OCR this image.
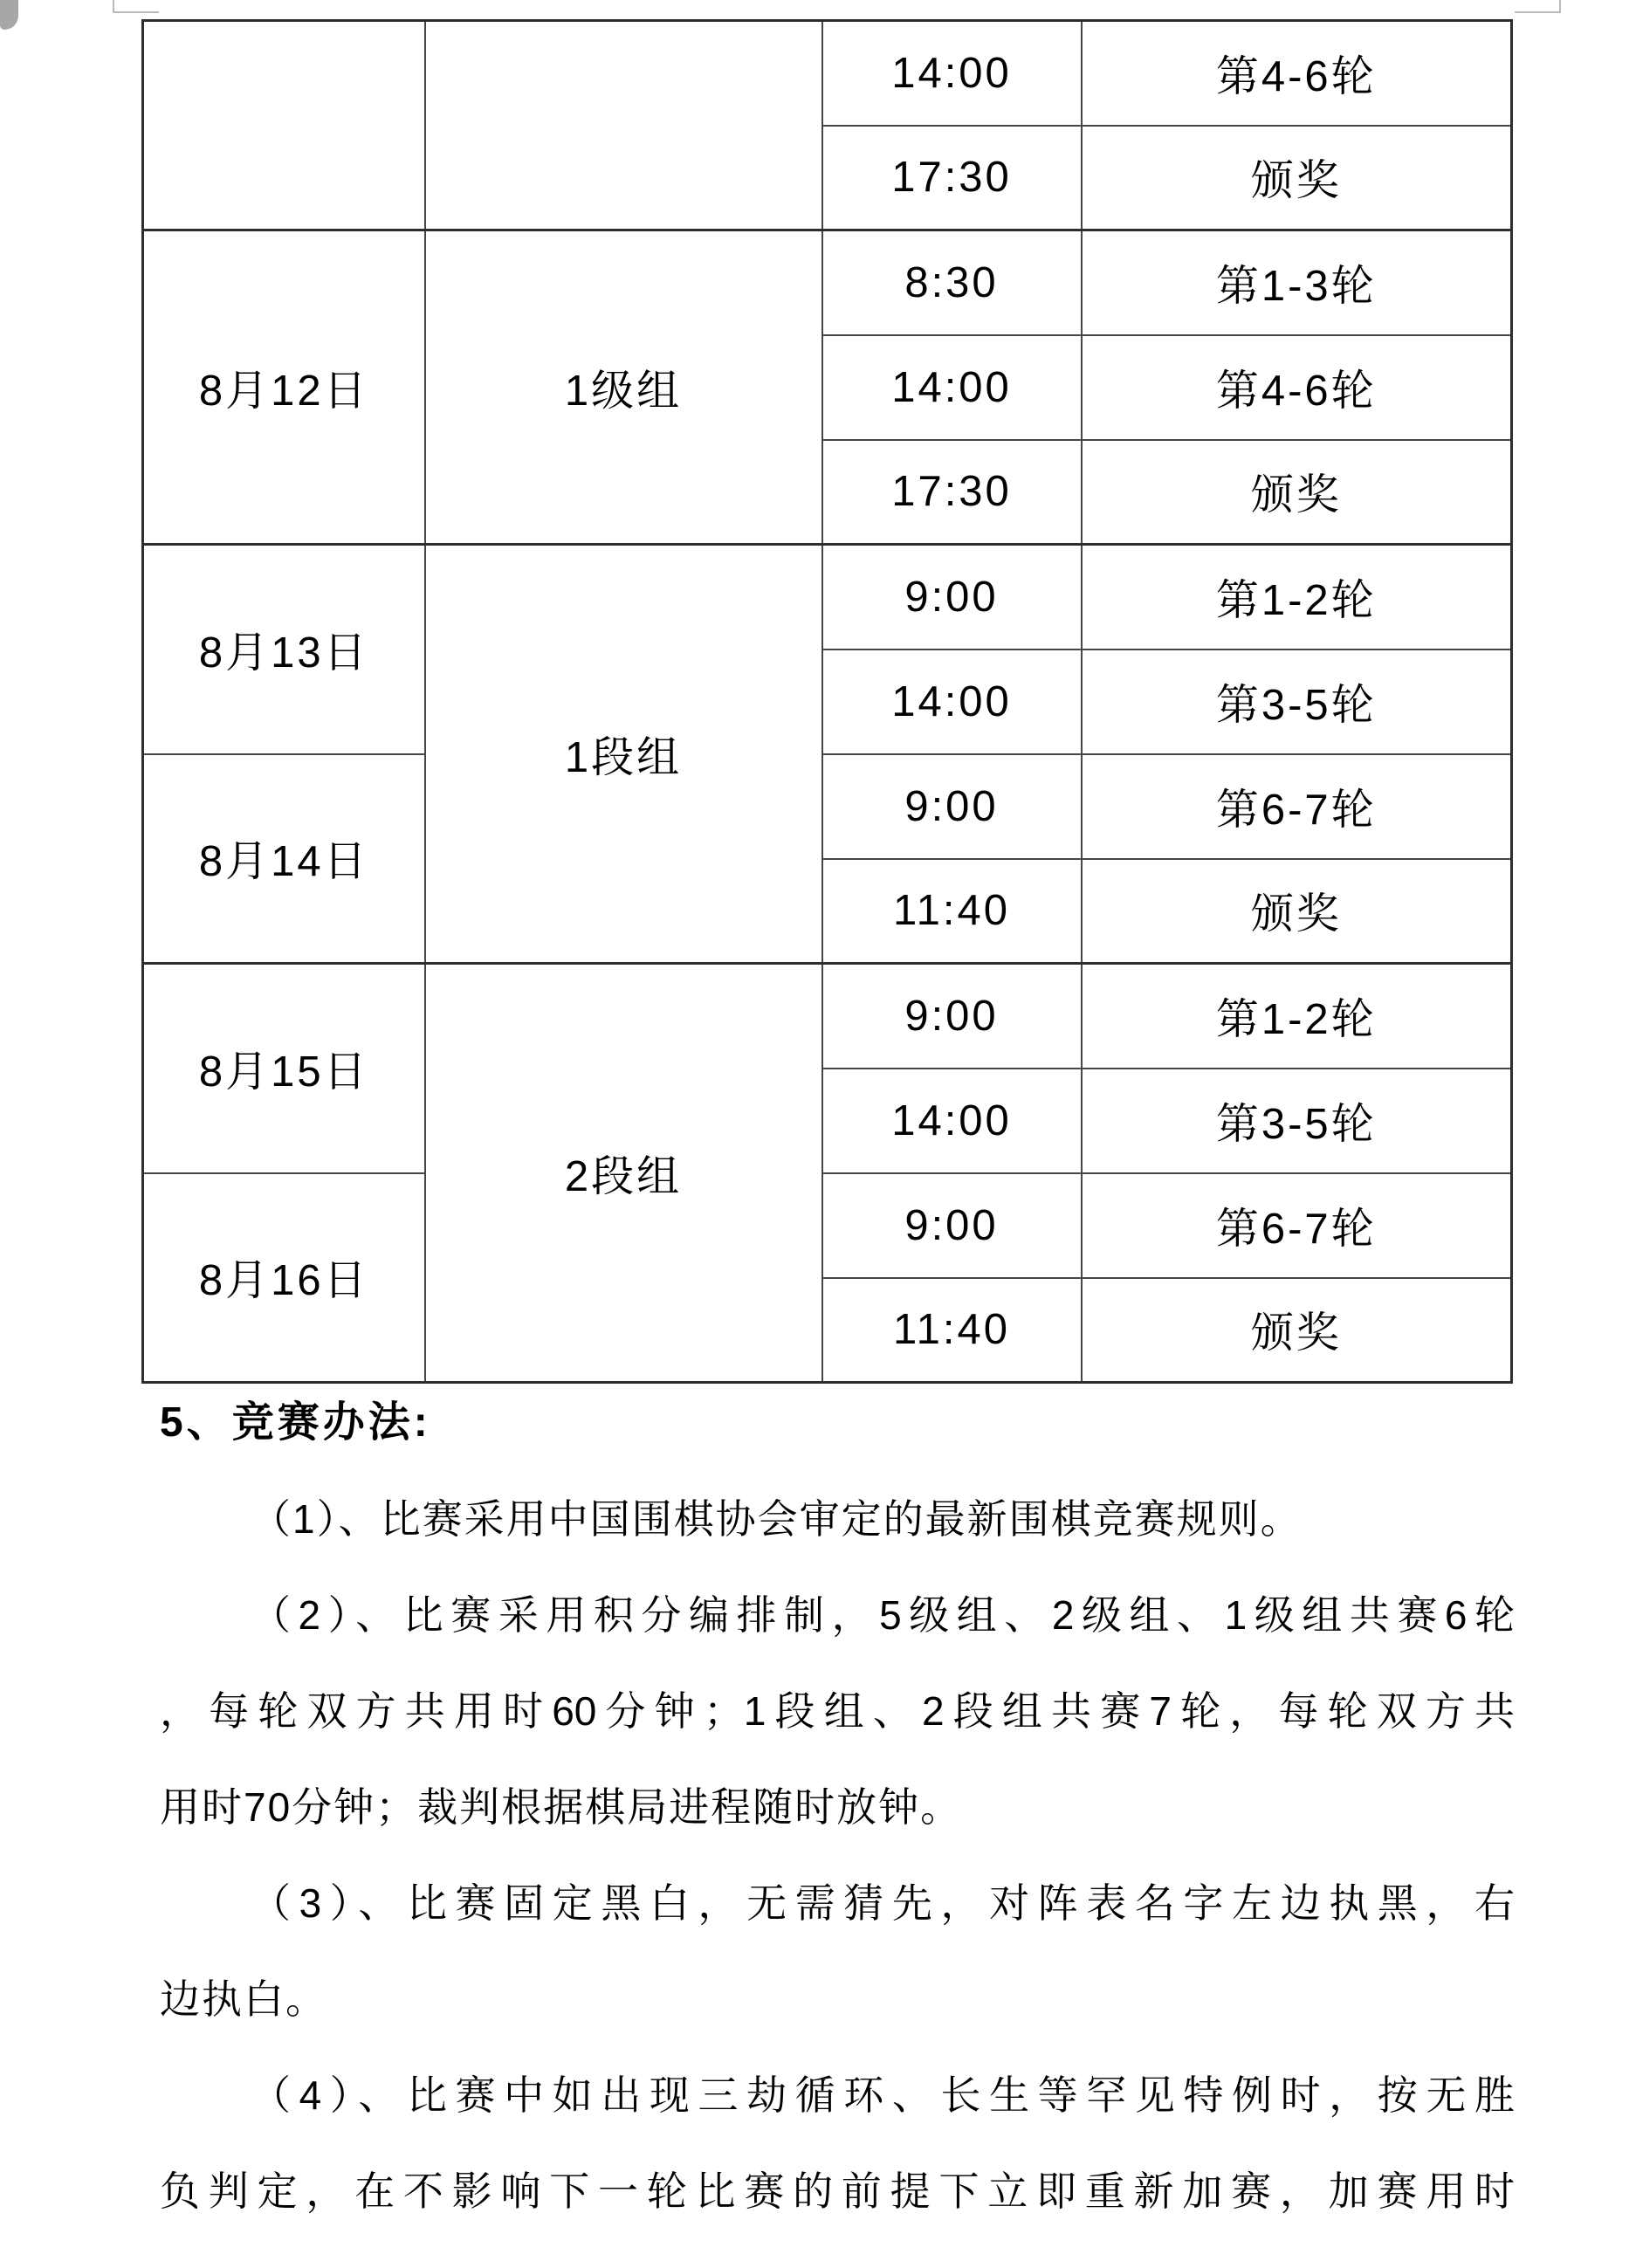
		14:00	第4-6轮
		17:30	颁奖
8月12日	1级组	8:30	第1-3轮
		14:00	第4-6轮
		17:30	颁奖
8月13日	1段组	9:00	第1-2轮
		14:00	第3-5轮
8月14日		9:00	第6-7轮
		11:40	颁奖
8月15日	2段组	9:00	第1-2轮
		14:00	第3-5轮
8月16日		9:00	第6-7轮
		11:40	颁奖
5、竞赛办法:
（1）、比赛采用中国围棋协会审定的最新围棋竞赛规则。
（2）、比赛采用积分编排制，5级组、2级组、1级组共赛6轮
，每轮双方共用时60分钟；1段组、2段组共赛7轮，每轮双方共
用时70分钟；裁判根据棋局进程随时放钟。
（3）、比赛固定黑白，无需猜先，对阵表名字左边执黑，右
边执白。
（4）、比赛中如出现三劫循环、长生等罕见特例时，按无胜
负判定，在不影响下一轮比赛的前提下立即重新加赛，加赛用时
